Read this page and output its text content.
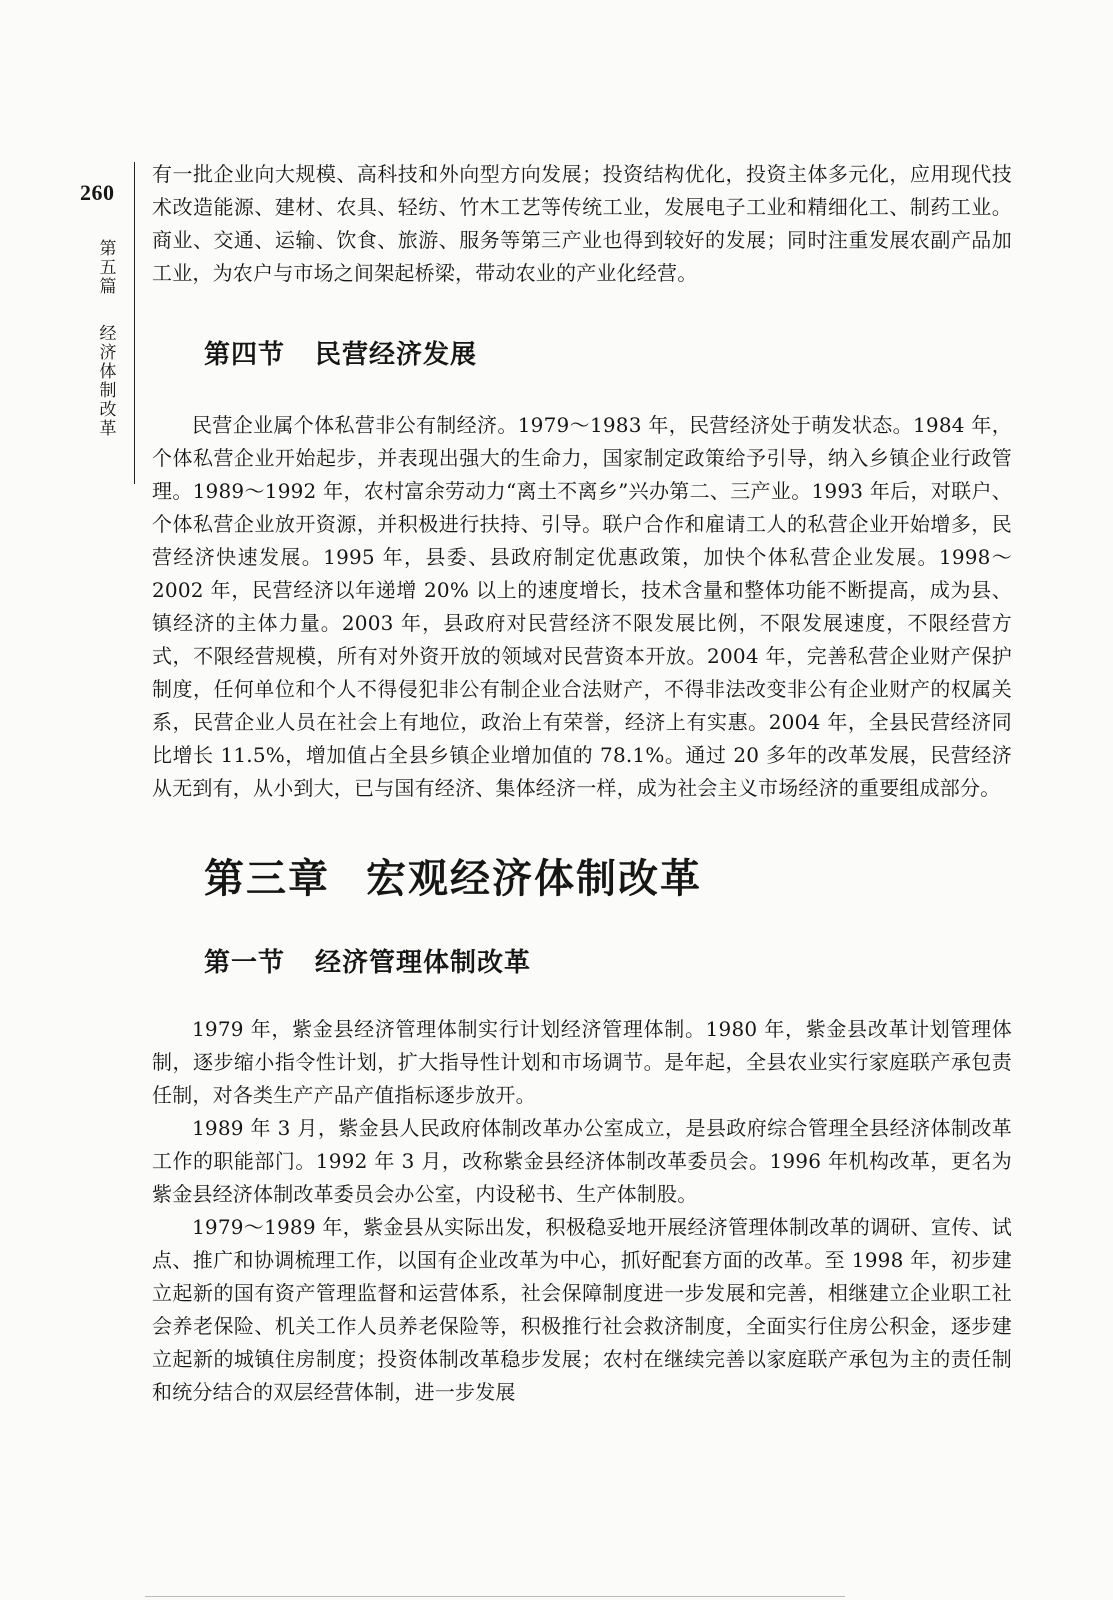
260
第五篇
经济体制改革

有一批企业向大规模、高科技和外向型方向发展；投资结构优化，投资主体多元化，应用现代技术改造能源、建材、农具、轻纺、竹木工艺等传统工业，发展电子工业和精细化工、制药工业。商业、交通、运输、饮食、旅游、服务等第三产业也得到较好的发展；同时注重发展农副产品加工业，为农户与市场之间架起桥梁，带动农业的产业化经营。

第四节 民营经济发展

民营企业属个体私营非公有制经济。1979～1983 年，民营经济处于萌发状态。1984 年，个体私营企业开始起步，并表现出强大的生命力，国家制定政策给予引导，纳入乡镇企业行政管理。1989～1992 年，农村富余劳动力“离土不离乡”兴办第二、三产业。1993 年后，对联户、个体私营企业放开资源，并积极进行扶持、引导。联户合作和雇请工人的私营企业开始增多，民营经济快速发展。1995 年，县委、县政府制定优惠政策，加快个体私营企业发展。1998～2002 年，民营经济以年递增 20% 以上的速度增长，技术含量和整体功能不断提高，成为县、镇经济的主体力量。2003 年，县政府对民营经济不限发展比例，不限发展速度，不限经营方式，不限经营规模，所有对外资开放的领域对民营资本开放。2004 年，完善私营企业财产保护制度，任何单位和个人不得侵犯非公有制企业合法财产，不得非法改变非公有企业财产的权属关系，民营企业人员在社会上有地位，政治上有荣誉，经济上有实惠。2004 年，全县民营经济同比增长 11.5%，增加值占全县乡镇企业增加值的 78.1%。通过 20 多年的改革发展，民营经济从无到有，从小到大，已与国有经济、集体经济一样，成为社会主义市场经济的重要组成部分。

第三章 宏观经济体制改革
第一节 经济管理体制改革

1979 年，紫金县经济管理体制实行计划经济管理体制。1980 年，紫金县改革计划管理体制，逐步缩小指令性计划，扩大指导性计划和市场调节。是年起，全县农业实行家庭联产承包责任制，对各类生产产品产值指标逐步放开。

1989 年 3 月，紫金县人民政府体制改革办公室成立，是县政府综合管理全县经济体制改革工作的职能部门。1992 年 3 月，改称紫金县经济体制改革委员会。1996 年机构改革，更名为紫金县经济体制改革委员会办公室，内设秘书、生产体制股。

1979～1989 年，紫金县从实际出发，积极稳妥地开展经济管理体制改革的调研、宣传、试点、推广和协调梳理工作，以国有企业改革为中心，抓好配套方面的改革。至 1998 年，初步建立起新的国有资产管理监督和运营体系，社会保障制度进一步发展和完善，相继建立企业职工社会养老保险、机关工作人员养老保险等，积极推行社会救济制度，全面实行住房公积金，逐步建立起新的城镇住房制度；投资体制改革稳步发展；农村在继续完善以家庭联产承包为主的责任制和统分结合的双层经营体制，进一步发展
